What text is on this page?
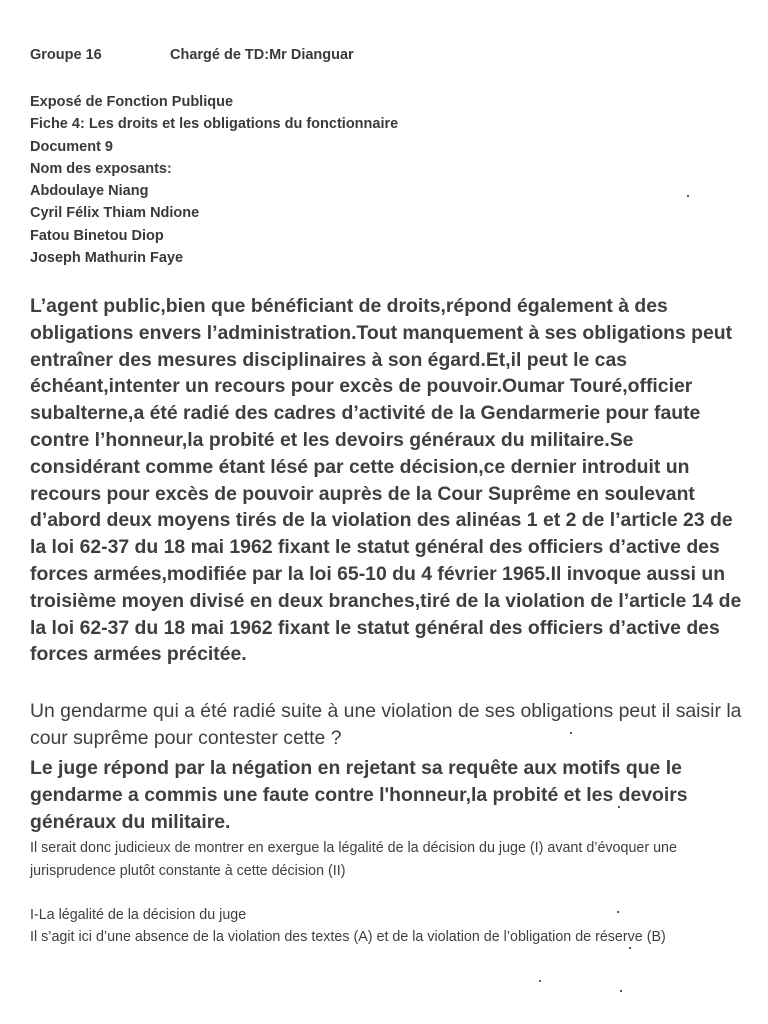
Groupe 16	Chargé de TD:Mr Dianguar
Exposé de Fonction Publique
Fiche 4: Les droits et les obligations du fonctionnaire
Document 9
Nom des exposants:
Abdoulaye Niang
Cyril Félix Thiam Ndione
Fatou Binetou Diop
Joseph Mathurin Faye

L’agent public,bien que bénéficiant de droits,répond également à des obligations envers l’administration.Tout manquement à ses obligations peut entraîner des mesures disciplinaires à son égard.Et,il peut le cas échéant,intenter un recours pour excès de pouvoir.Oumar Touré,officier subalterne,a été radié des cadres d’activité de la Gendarmerie pour faute contre l’honneur,la probité et les devoirs généraux du militaire.Se considérant comme étant lésé par cette décision,ce dernier introduit un recours pour excès de pouvoir auprès de la Cour Suprême en soulevant d’abord deux moyens tirés de la violation des alinéas 1 et 2 de l’article 23 de la loi 62-37 du 18 mai 1962 fixant le statut général des officiers d’active des forces armées,modifiée par la loi 65-10 du 4 février 1965.Il invoque aussi un troisième moyen divisé en deux branches,tiré de la violation de l’article 14 de la loi 62-37 du 18 mai 1962 fixant le statut général des officiers d’active des forces armées précitée.

Un gendarme qui a été radié suite à une violation de ses obligations peut il saisir la cour suprême pour contester cette ?

Le juge répond par la négation en rejetant sa requête aux motifs que le gendarme a commis une faute contre l'honneur,la probité et les devoirs généraux du militaire.

Il serait donc judicieux de montrer en exergue la légalité de la décision du juge (I) avant d’évoquer une jurisprudence plutôt constante à cette décision (II)

I-La légalité de la décision du juge

Il s’agit ici d’une absence de la violation des textes (A) et de la violation de l’obligation de réserve (B)
